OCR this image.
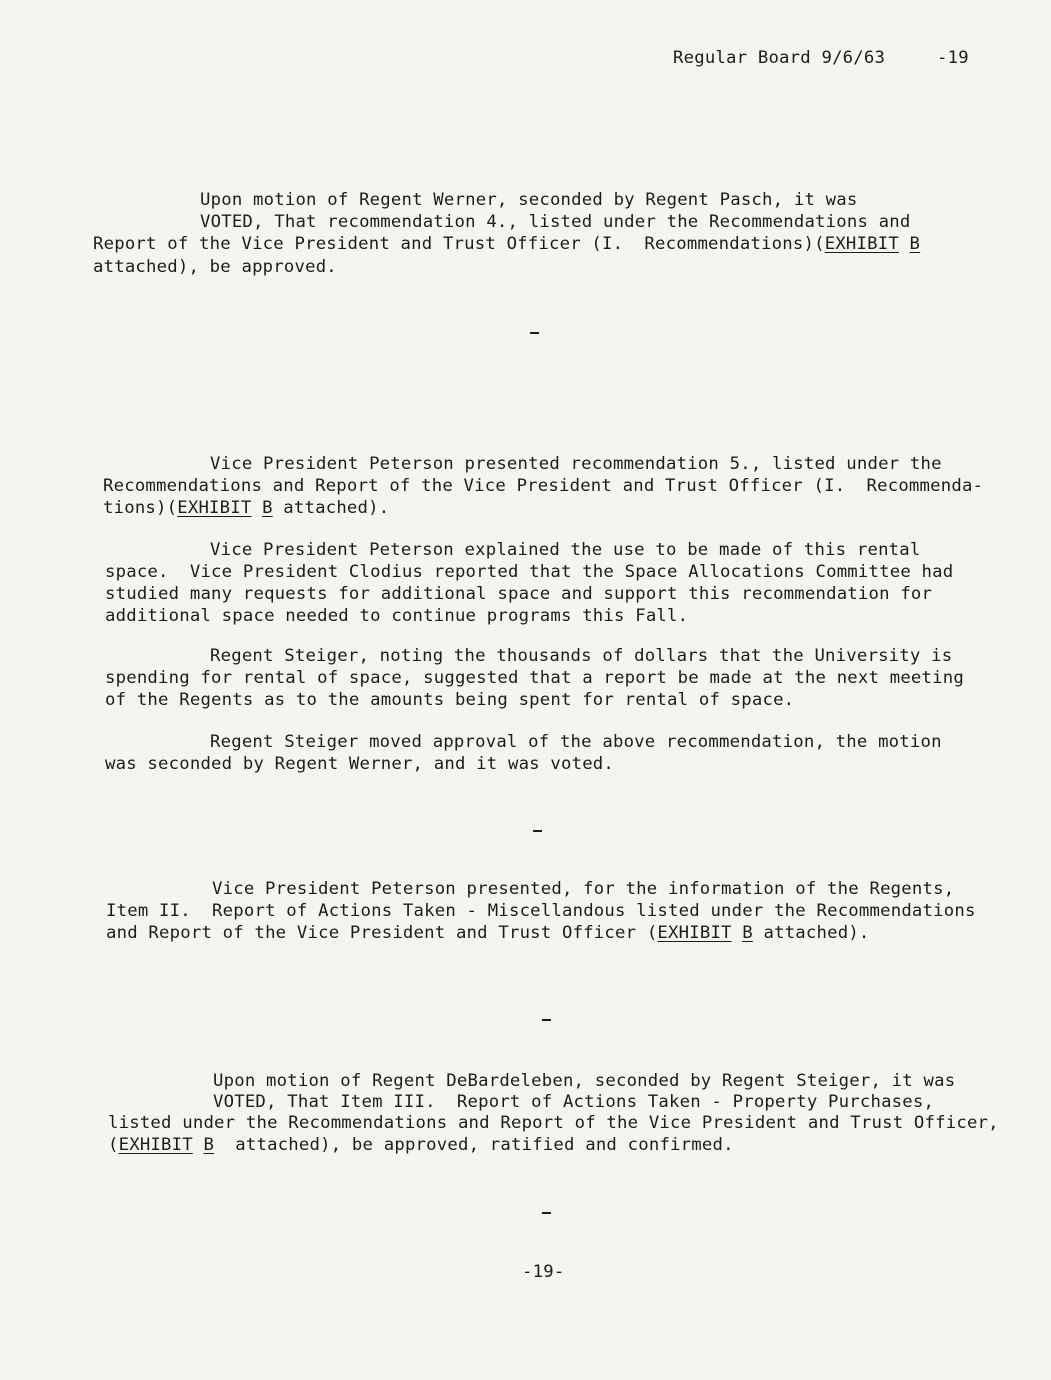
Regular Board 9/6/63	-19
Upon motion of Regent Werner, seconded by Regent Pasch, it was
VOTED, That recommendation 4., listed under the Recommendations and
Report of the Vice President and Trust Officer (I.  Recommendations)(EXHIBIT B
attached), be approved.
Vice President Peterson presented recommendation 5., listed under the
Recommendations and Report of the Vice President and Trust Officer (I.  Recommenda-
tions)(EXHIBIT B attached).
Vice President Peterson explained the use to be made of this rental
space.  Vice President Clodius reported that the Space Allocations Committee had
studied many requests for additional space and support this recommendation for
additional space needed to continue programs this Fall.
Regent Steiger, noting the thousands of dollars that the University is
spending for rental of space, suggested that a report be made at the next meeting
of the Regents as to the amounts being spent for rental of space.
Regent Steiger moved approval of the above recommendation, the motion
was seconded by Regent Werner, and it was voted.
Vice President Peterson presented, for the information of the Regents,
Item II.  Report of Actions Taken - Miscellandous listed under the Recommendations
and Report of the Vice President and Trust Officer (EXHIBIT B attached).
Upon motion of Regent DeBardeleben, seconded by Regent Steiger, it was
VOTED, That Item III.  Report of Actions Taken - Property Purchases,
listed under the Recommendations and Report of the Vice President and Trust Officer,
(EXHIBIT B  attached), be approved, ratified and confirmed.
-19-
